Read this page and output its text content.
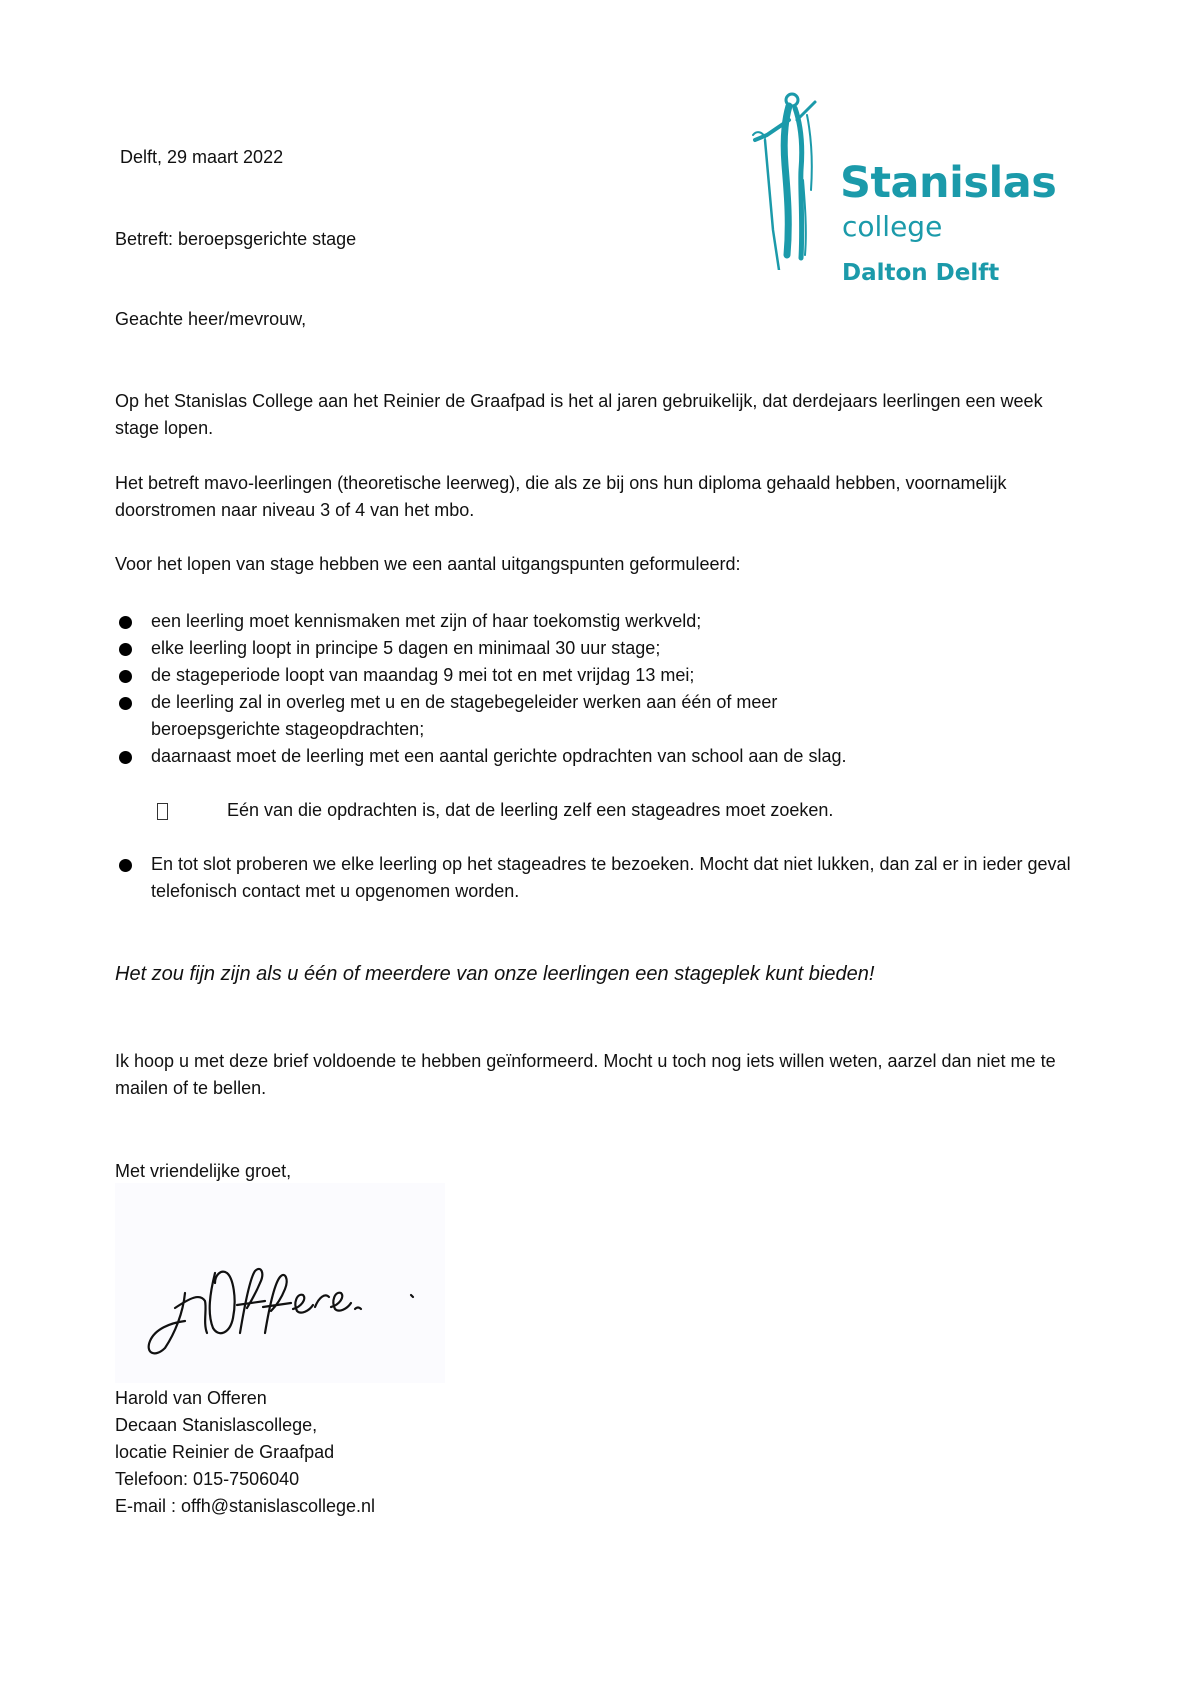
Stanislas
college
Dalton Delft
Delft, 29 maart 2022
Betreft: beroepsgerichte stage
Geachte heer/mevrouw,
Op het Stanislas College aan het Reinier de Graafpad is het al jaren gebruikelijk, dat derdejaars leerlingen een week stage lopen.
Het betreft mavo-leerlingen (theoretische leerweg), die als ze bij ons hun diploma gehaald hebben, voornamelijk doorstromen naar niveau 3 of 4 van het mbo.
Voor het lopen van stage hebben we een aantal uitgangspunten geformuleerd:
een leerling moet kennismaken met zijn of haar toekomstig werkveld;
elke leerling loopt in principe 5 dagen en minimaal 30 uur stage;
de stageperiode loopt van maandag 9 mei tot en met vrijdag 13 mei;
de leerling zal in overleg met u en de stagebegeleider werken aan één of meer beroepsgerichte stageopdrachten;
daarnaast moet de leerling met een aantal gerichte opdrachten van school aan de slag.
Eén van die opdrachten is, dat de leerling zelf een stageadres moet zoeken.
En tot slot proberen we elke leerling op het stageadres te bezoeken. Mocht dat niet lukken, dan zal er in ieder geval telefonisch contact met u opgenomen worden.
Het zou fijn zijn als u één of meerdere van onze leerlingen een stageplek kunt bieden!
Ik hoop u met deze brief voldoende te hebben geïnformeerd. Mocht u toch nog iets willen weten, aarzel dan niet me te mailen of te bellen.
Met vriendelijke groet,
Harold van Offeren
Decaan Stanislascollege,
locatie Reinier de Graafpad
Telefoon: 015-7506040
E-mail : offh@stanislascollege.nl
